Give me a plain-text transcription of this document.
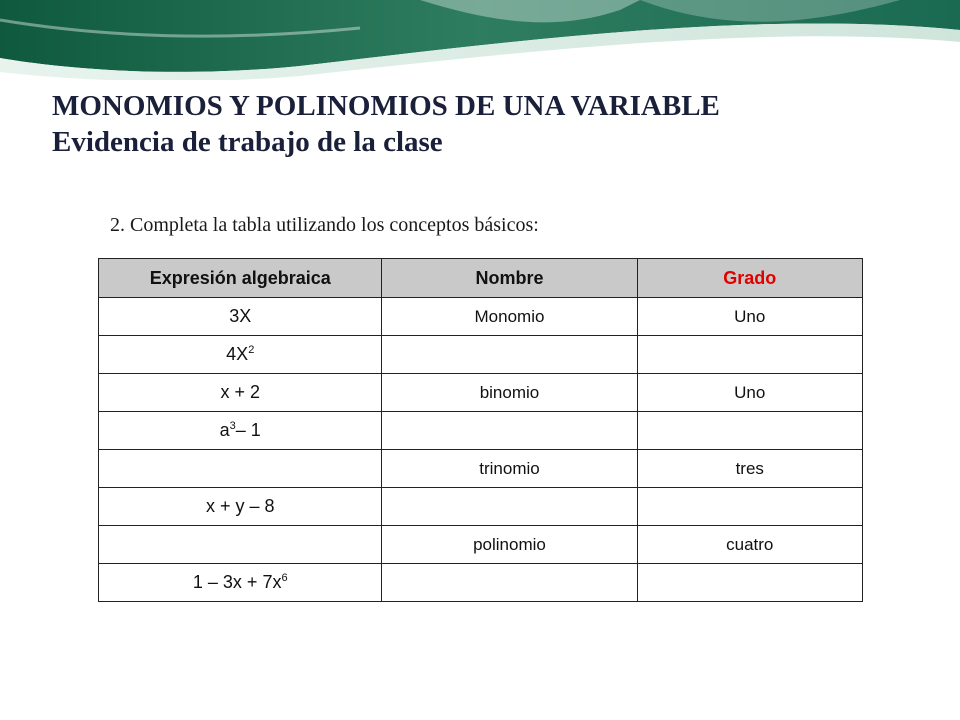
MONOMIOS Y POLINOMIOS DE UNA VARIABLE
Evidencia de trabajo de la clase
2. Completa la tabla utilizando los conceptos básicos:
Expresión algebraica	Nombre	Grado
3X	Monomio	Uno
$4X^2$		
x + 2	binomio	Uno
$a^3-$ 1		
	trinomio	tres
x + y – 8		
	polinomio	cuatro
$1 - 3x + 7x^6$		
